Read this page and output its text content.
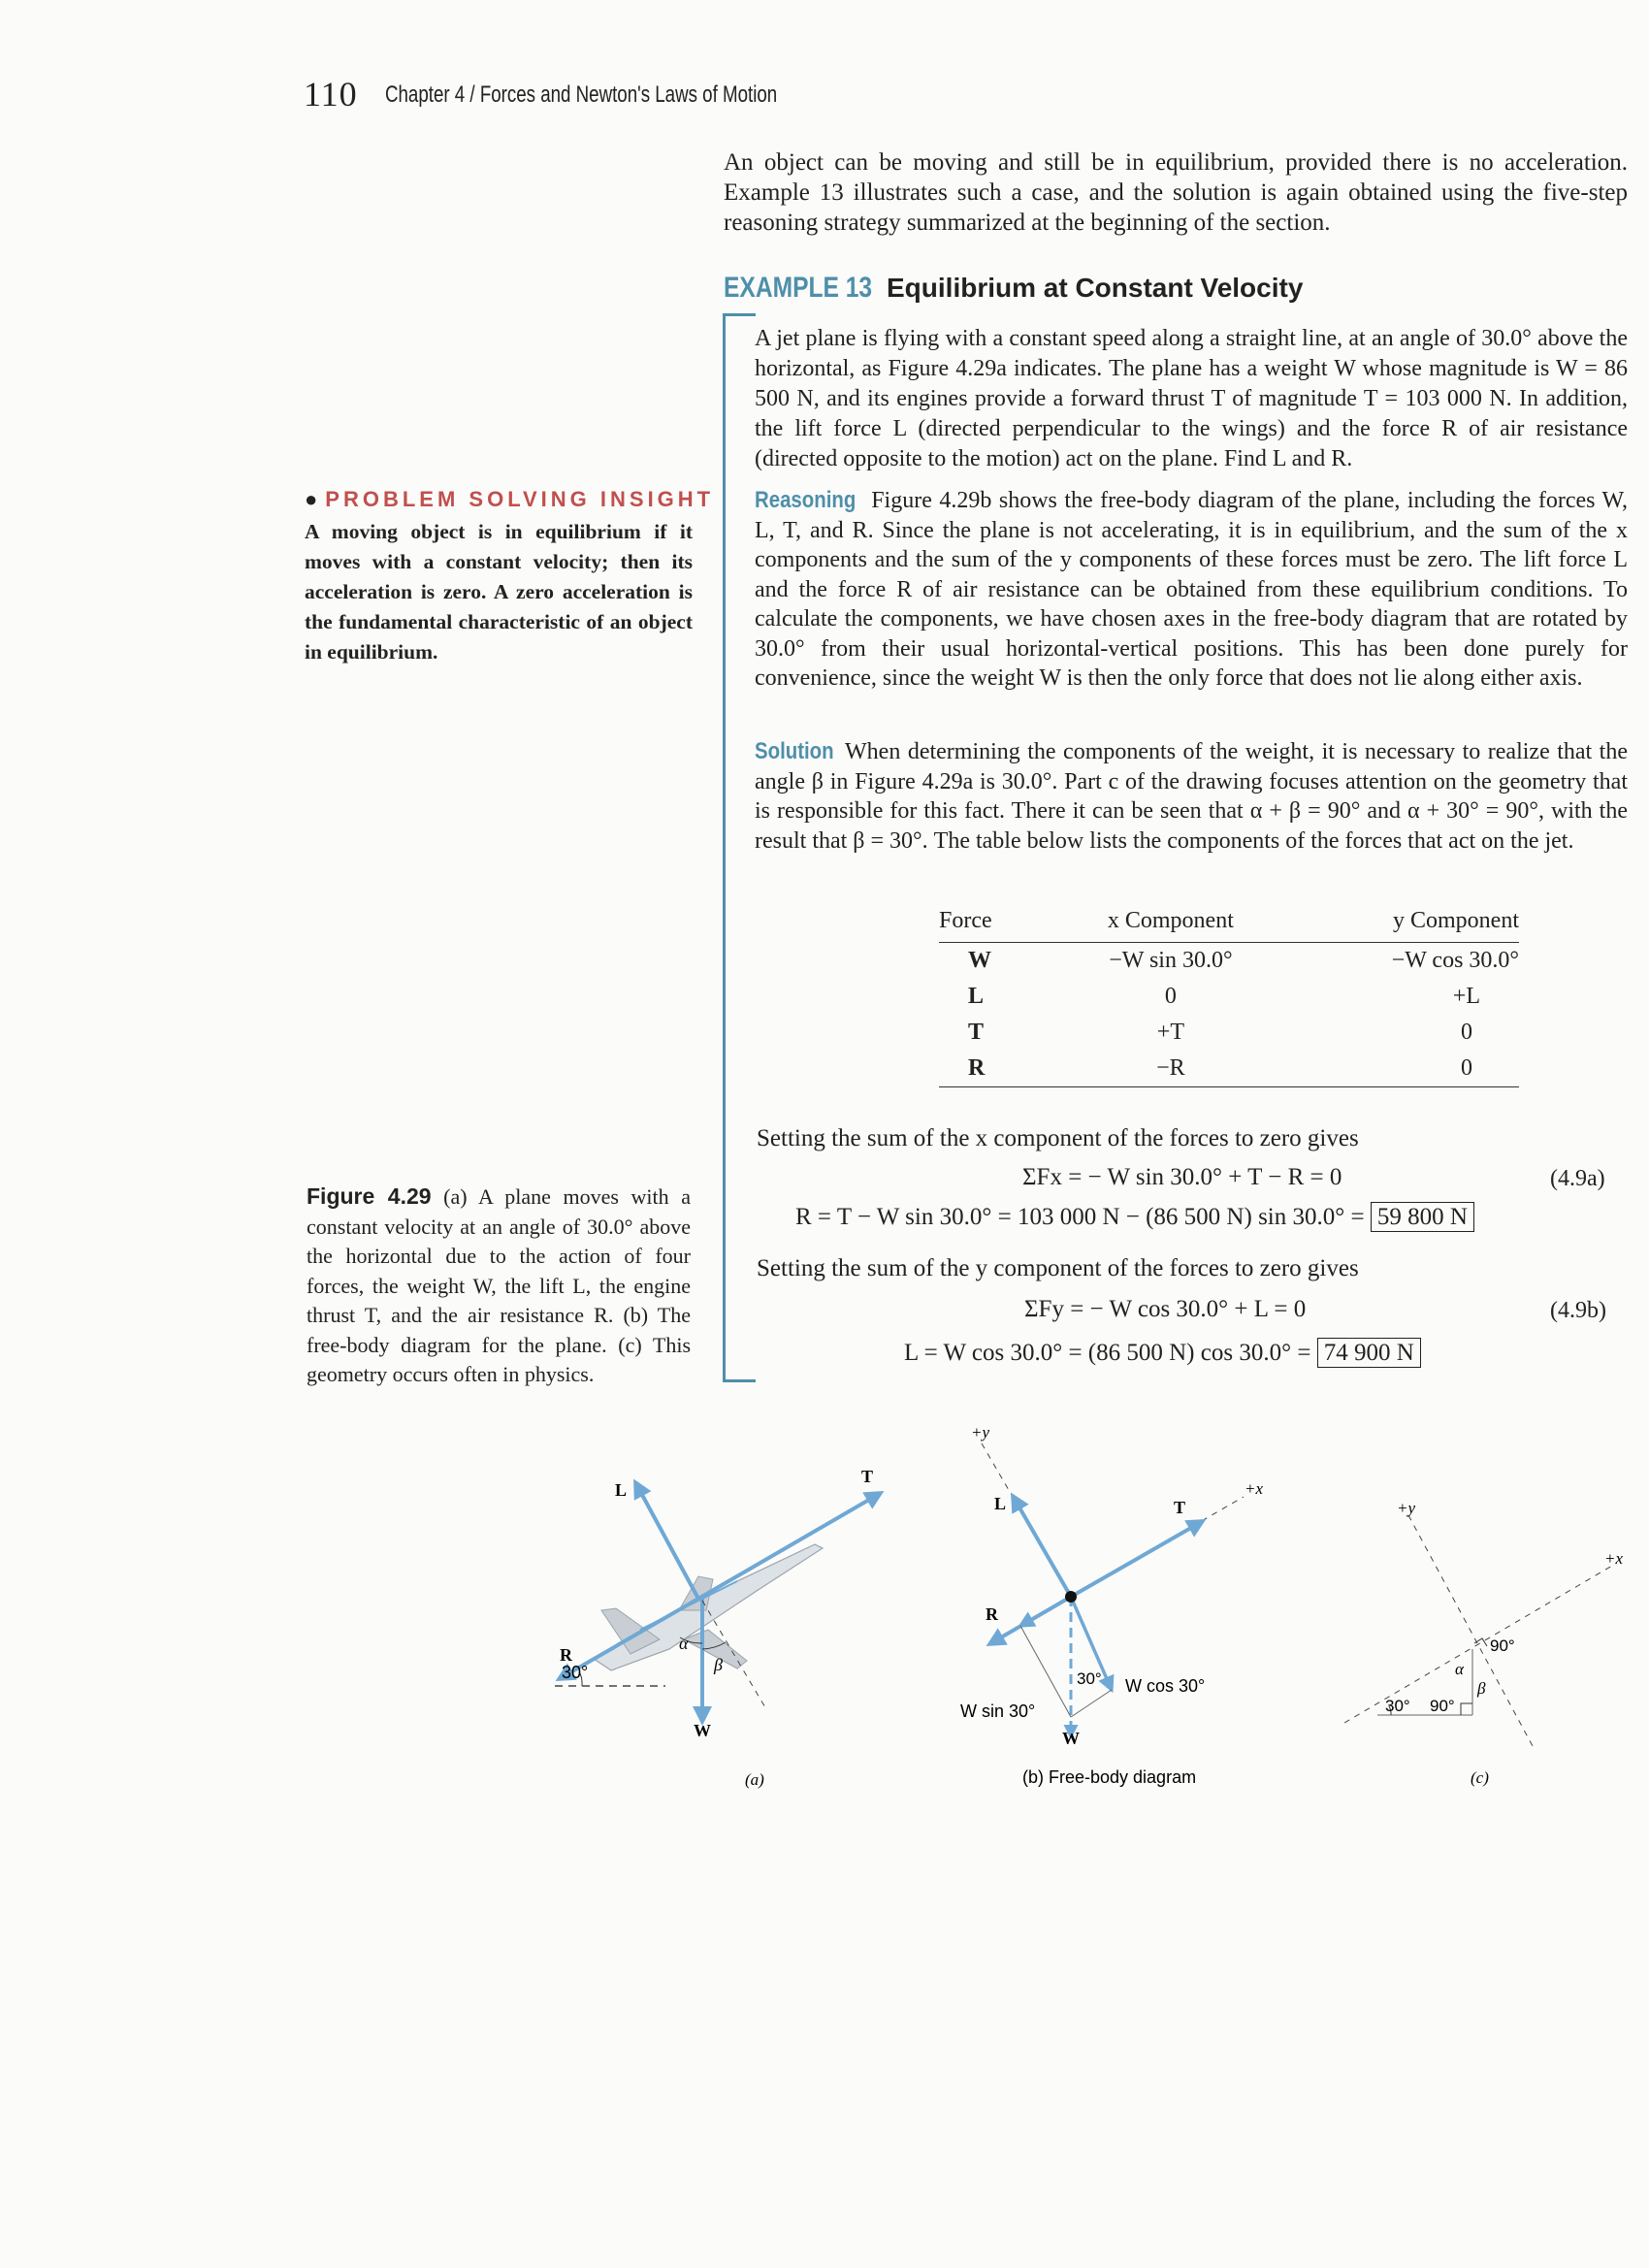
110 Chapter 4 / Forces and Newton's Laws of Motion
An object can be moving and still be in equilibrium, provided there is no acceleration. Example 13 illustrates such a case, and the solution is again obtained using the five-step reasoning strategy summarized at the beginning of the section.
EXAMPLE 13 Equilibrium at Constant Velocity
A jet plane is flying with a constant speed along a straight line, at an angle of 30.0° above the horizontal, as Figure 4.29a indicates. The plane has a weight W whose magnitude is W = 86 500 N, and its engines provide a forward thrust T of magnitude T = 103 000 N. In addition, the lift force L (directed perpendicular to the wings) and the force R of air resistance (directed opposite to the motion) act on the plane. Find L and R.
Reasoning Figure 4.29b shows the free-body diagram of the plane, including the forces W, L, T, and R. Since the plane is not accelerating, it is in equilibrium, and the sum of the x components and the sum of the y components of these forces must be zero. The lift force L and the force R of air resistance can be obtained from these equilibrium conditions. To calculate the components, we have chosen axes in the free-body diagram that are rotated by 30.0° from their usual horizontal-vertical positions. This has been done purely for convenience, since the weight W is then the only force that does not lie along either axis.
Solution When determining the components of the weight, it is necessary to realize that the angle β in Figure 4.29a is 30.0°. Part c of the drawing focuses attention on the geometry that is responsible for this fact. There it can be seen that α + β = 90° and α + 30° = 90°, with the result that β = 30°. The table below lists the components of the forces that act on the jet.
Force	x Component	y Component
W	−W sin 30.0°	−W cos 30.0°
L	0	+L
T	+T	0
R	−R	0
Setting the sum of the x component of the forces to zero gives
ΣFx = − W sin 30.0° + T − R = 0	(4.9a)
R = T − W sin 30.0° = 103 000 N − (86 500 N) sin 30.0° = 59 800 N
Setting the sum of the y component of the forces to zero gives
ΣFy = − W cos 30.0° + L = 0	(4.9b)
L = W cos 30.0° = (86 500 N) cos 30.0° = 74 900 N
● PROBLEM SOLVING INSIGHT
A moving object is in equilibrium if it moves with a constant velocity; then its acceleration is zero. A zero acceleration is the fundamental characteristic of an object in equilibrium.
Figure 4.29 (a) A plane moves with a constant velocity at an angle of 30.0° above the horizontal due to the action of four forces, the weight W, the lift L, the engine thrust T, and the air resistance R. (b) The free-body diagram for the plane. (c) This geometry occurs often in physics.
L
T
R
W
α
β
30°
(a)
+y
+x
L	T
R
W
30°
W sin 30°
W cos 30°
(b) Free-body diagram
+y
+x
90°
α
β
30° 90°
(c)
